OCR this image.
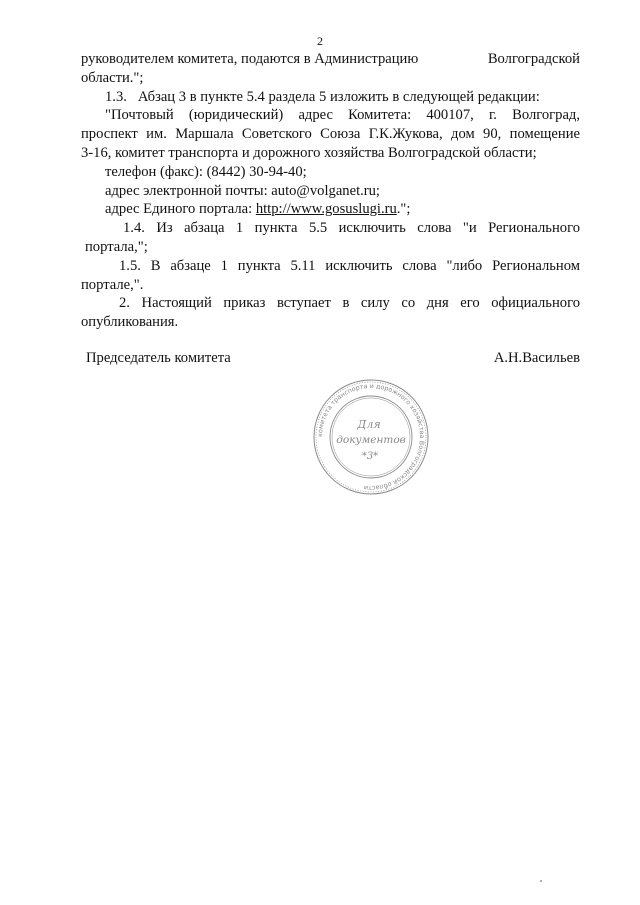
2
руководителем комитета, подаются в Администрацию	Волгоградской
области.";
1.3. Абзац 3 в пункте 5.4 раздела 5 изложить в следующей редакции:
"Почтовый (юридический) адрес Комитета: 400107, г. Волгоград,
проспект им. Маршала Советского Союза Г.К.Жукова, дом 90, помещение
3-16, комитет транспорта и дорожного хозяйства Волгоградской области;
телефон (факс): (8442) 30-94-40;
адрес электронной почты: auto@volganet.ru;
адрес Единого портала: http://www.gosuslugi.ru.";
1.4. Из абзаца 1 пункта 5.5 исключить слова "и Регионального
портала,";
1.5. В абзаце 1 пункта 5.11 исключить слова "либо Региональном
портале,".
2. Настоящий приказ вступает в силу со дня его официального
опубликования.
Председатель комитета	А.Н.Васильев
комитета транспорта и дорожного хозяйства Волгоградской области
Для
документов
*3*
